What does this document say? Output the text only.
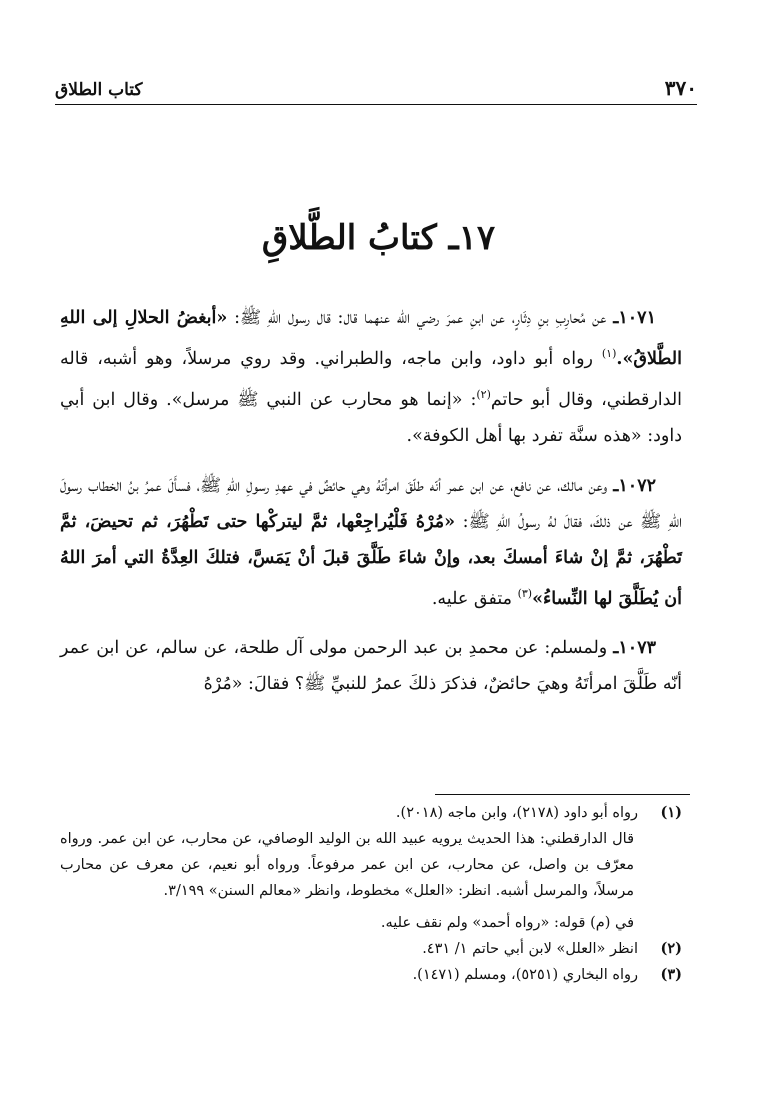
كتاب الطلاق	٣٧٠
١٧ـ كتابُ الطَّلاقِ

١٠٧١ـ عن مُحارِبِ بنِ دِثَارٍ، عن ابنِ عمرَ رضي الله عنهما قال: قال رسول اللهِ ﷺ: «أبغضُ الحلالِ إلى اللهِ الطَّلاقُ».$^{(١)}$ رواه أبو داود، وابن ماجه، والطبراني. وقد روي مرسلاً، وهو أشبه، قاله الدارقطني، وقال أبو حاتم$^{(٢)}$: «إنما هو محارب عن النبي ﷺ مرسل». وقال ابن أبي داود: «هذه سنَّة تفرد بها أهل الكوفة».

١٠٧٢ـ وعن مالك، عن نافع، عن ابن عمر أنّه طلّقَ امرأتَهُ وهي حائضٌ في عهدِ رسولِ اللهِ ﷺ، فسأَلَ عمرُ بنُ الخطاب رسولَ اللهِ ﷺ عن ذلكَ، فقالَ لهُ رسولُ اللهِ ﷺ: «مُرْهُ فَلْيُراجِعْها، ثمَّ ليتركْها حتى تَطْهُرَ، ثم تحيضَ، ثمَّ تَطْهُرَ، ثمَّ إنْ شاءَ أمسكَ بعد، وإنْ شاءَ طَلَّقَ قبلَ أنْ يَمَسَّ، فتلكَ العِدَّةُ التي أمرَ اللهُ أن يُطَلَّقَ لها النِّساءُ»$^{(٣)}$ متفق عليه.

١٠٧٣ـ ولمسلم: عن محمدِ بن عبد الرحمن مولى آل طلحة، عن سالم، عن ابن عمر أنّه طَلَّقَ امرأتَهُ وهيَ حائضٌ، فذكرَ ذلكَ عمرُ للنبيِّ ﷺ؟ فقالَ: «مُرْهُ

(١)
رواه أبو داود (٢١٧٨)، وابن ماجه (٢٠١٨).
قال الدارقطني: هذا الحديث يرويه عبيد الله بن الوليد الوصافي، عن محارب، عن ابن عمر. ورواه معرّف بن واصل، عن محارب، عن ابن عمر مرفوعاً. ورواه أبو نعيم، عن معرف عن محارب مرسلاً، والمرسل أشبه. انظر: «العلل» مخطوط، وانظر «معالم السنن» ٣/١٩٩.
في (م) قوله: «رواه أحمد» ولم نقف عليه.
(٢)
انظر «العلل» لابن أبي حاتم ١/ ٤٣١.
(٣)
رواه البخاري (٥٢٥١)، ومسلم (١٤٧١).
